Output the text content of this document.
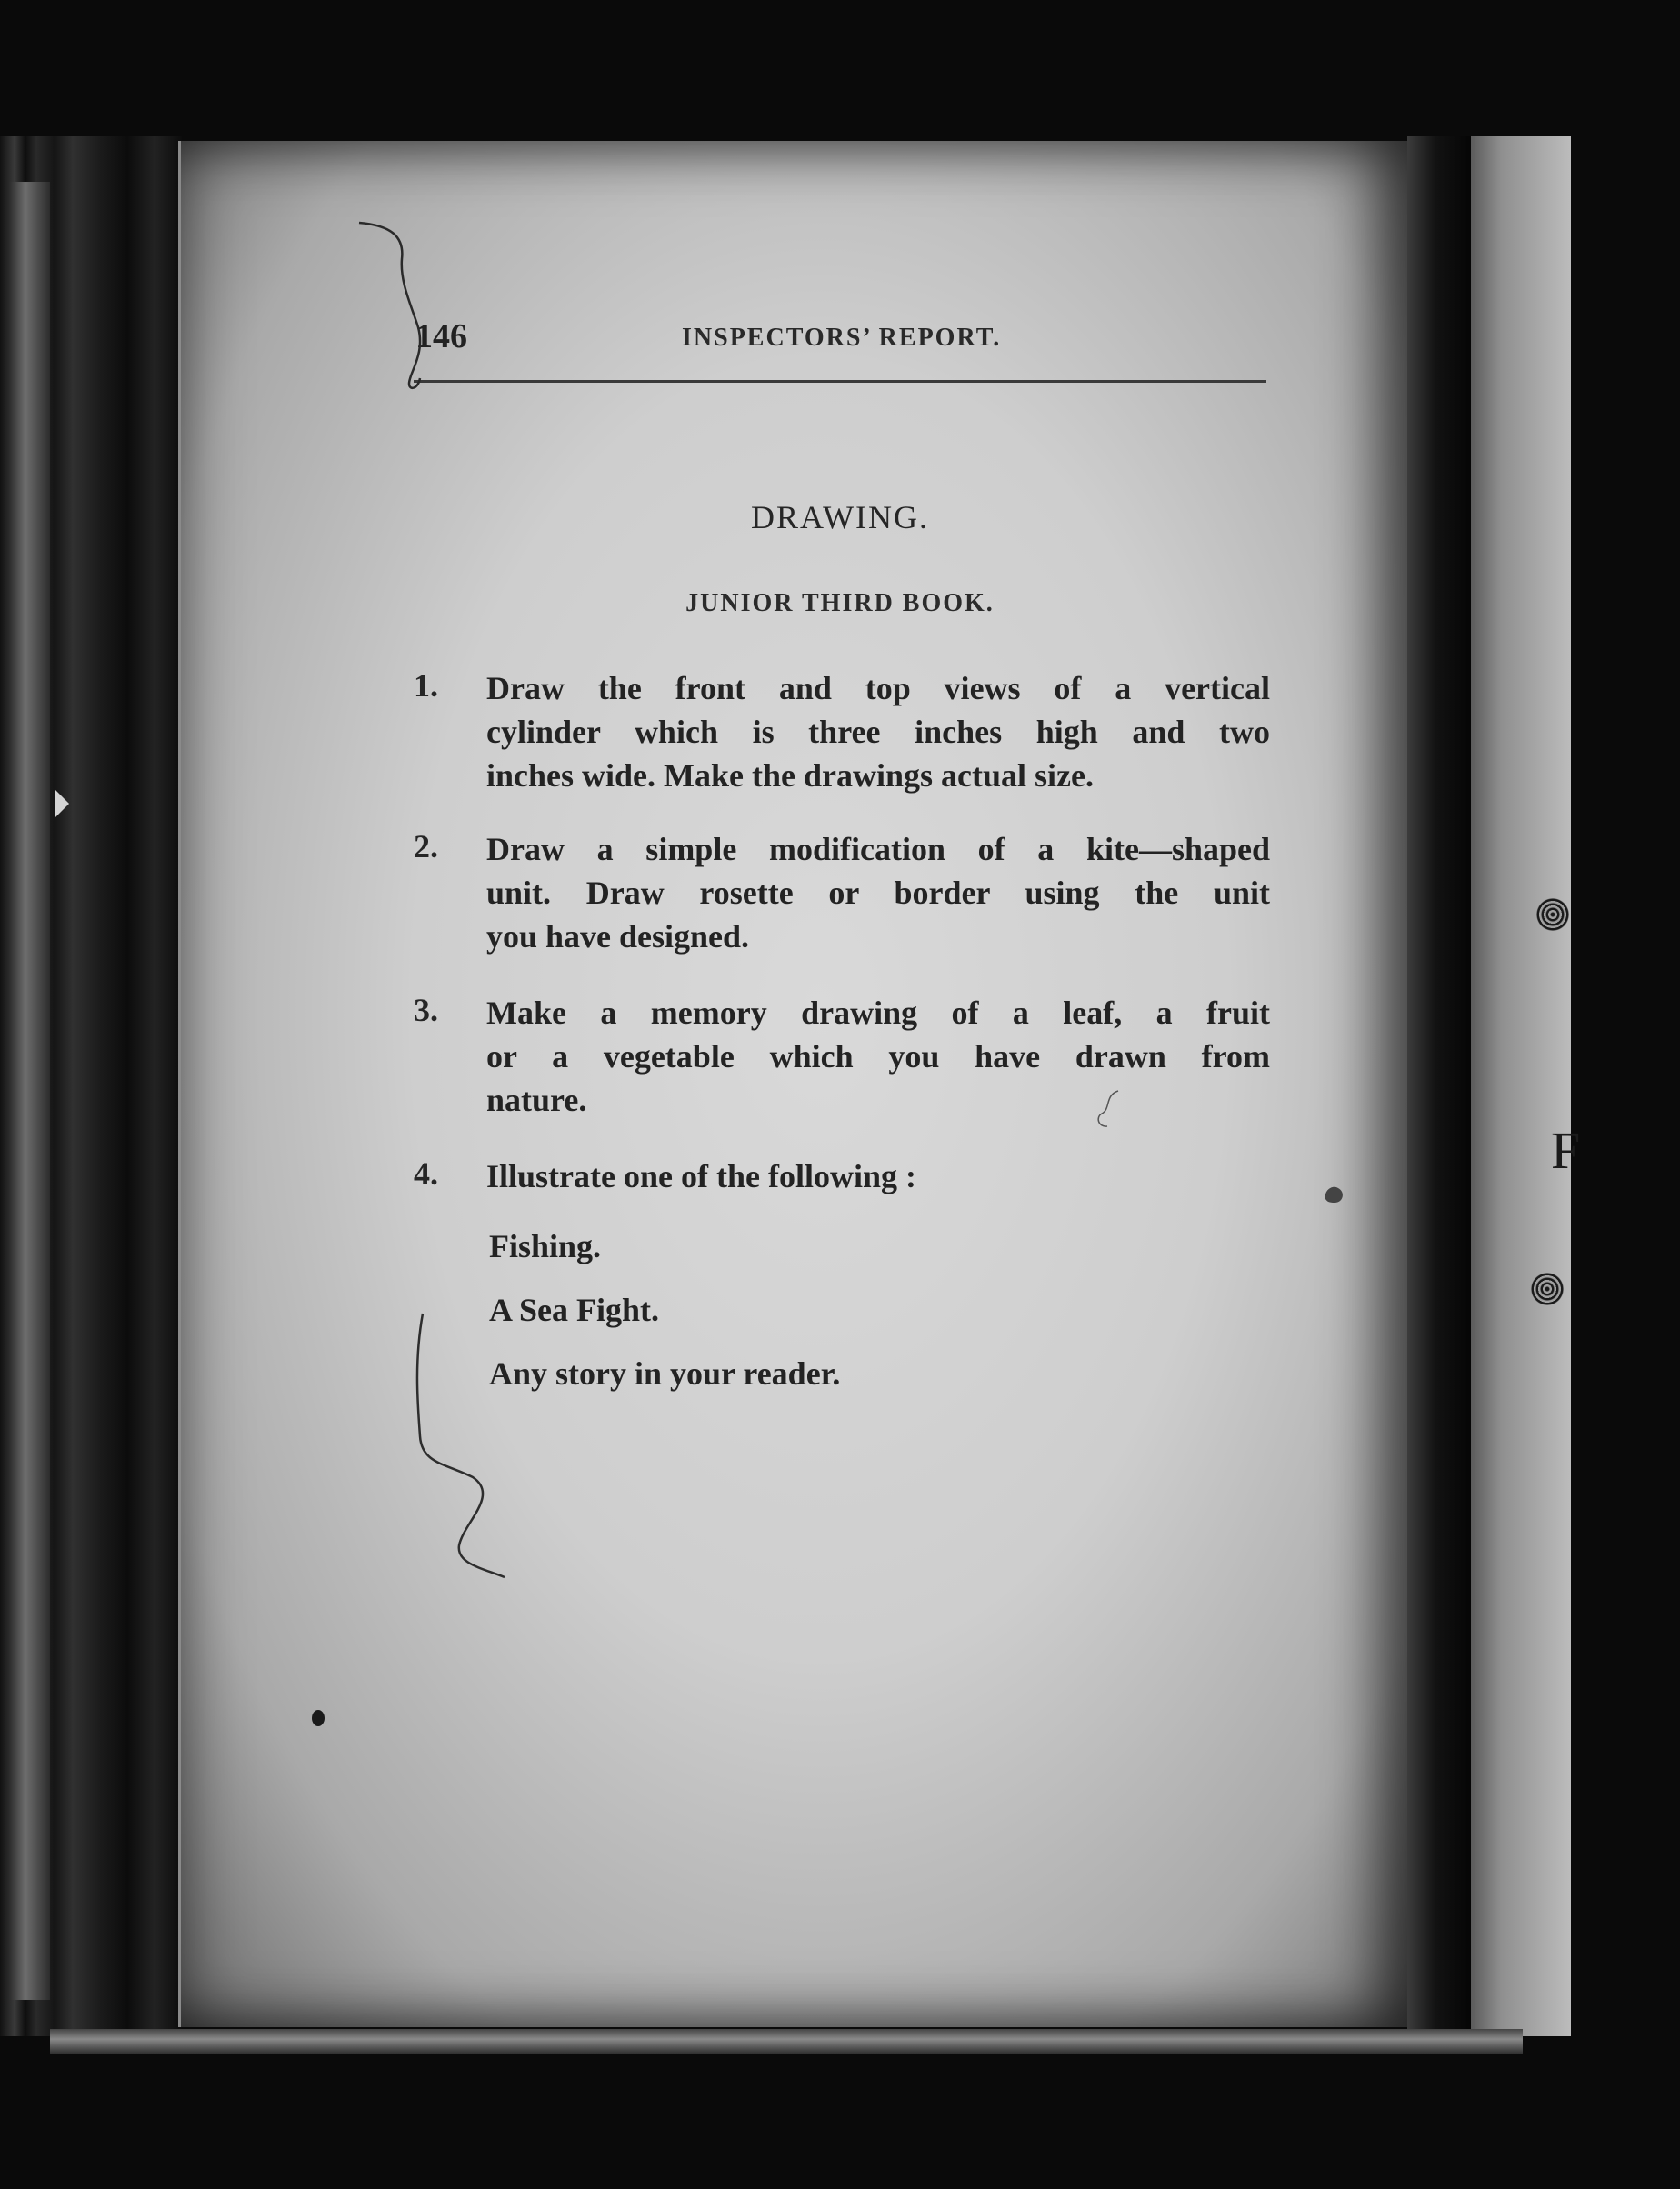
F
146	INSPECTORS’ REPORT.
DRAWING.
JUNIOR THIRD BOOK.
1. Draw the front and top views of a vertical
cylinder which is three inches high and two
inches wide. Make the drawings actual size.
2. Draw a simple modification of a kite—shaped
unit. Draw rosette or border using the unit
you have designed.
3. Make a memory drawing of a leaf, a fruit
or a vegetable which you have drawn from
nature.
4. Illustrate one of the following :
Fishing.
A Sea Fight.
Any story in your reader.
